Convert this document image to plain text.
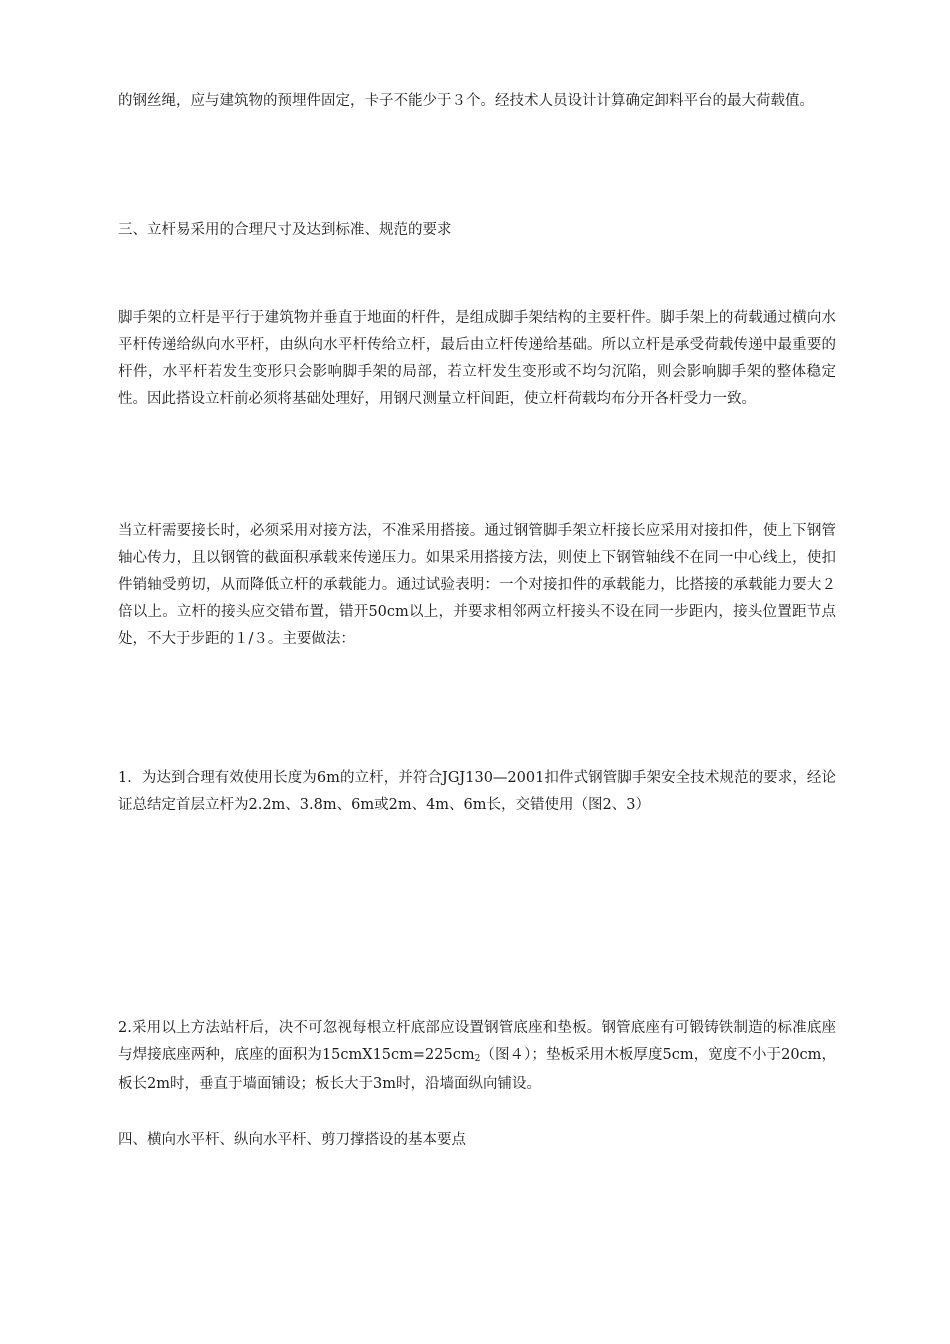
的钢丝绳，应与建筑物的预埋件固定，卡子不能少于３个。经技术人员设计计算确定卸料平台的最大荷载值。

三、立杆易采用的合理尺寸及达到标准、规范的要求

脚手架的立杆是平行于建筑物并垂直于地面的杆件，是组成脚手架结构的主要杆件。脚手架上的荷载通过横向水平杆传递给纵向水平杆，由纵向水平杆传给立杆，最后由立杆传递给基础。所以立杆是承受荷载传递中最重要的杆件，水平杆若发生变形只会影响脚手架的局部，若立杆发生变形或不均匀沉陷，则会影响脚手架的整体稳定性。因此搭设立杆前必须将基础处理好，用钢尺测量立杆间距，使立杆荷载均布分开各杆受力一致。

当立杆需要接长时，必须采用对接方法，不准采用搭接。通过钢管脚手架立杆接长应采用对接扣件，使上下钢管轴心传力，且以钢管的截面积承载来传递压力。如果采用搭接方法，则使上下钢管轴线不在同一中心线上，使扣件销轴受剪切，从而降低立杆的承载能力。通过试验表明：一个对接扣件的承载能力，比搭接的承载能力要大２倍以上。立杆的接头应交错布置，错开50cm以上，并要求相邻两立杆接头不设在同一步距内，接头位置距节点处，不大于步距的１/３。主要做法：

1．为达到合理有效使用长度为6m的立杆，并符合JGJ130—2001扣件式钢管脚手架安全技术规范的要求，经论证总结定首层立杆为2.2m、3.8m、6m或2m、4m、6m长，交错使用（图2、3）

2.采用以上方法站杆后，决不可忽视每根立杆底部应设置钢管底座和垫板。钢管底座有可锻铸铁制造的标准底座与焊接底座两种，底座的面积为15cmX15cm=225cm2（图４）；垫板采用木板厚度5cm，宽度不小于20cm，板长2m时，垂直于墙面铺设；板长大于3m时，沿墙面纵向铺设。

四、横向水平杆、纵向水平杆、剪刀撑搭设的基本要点
